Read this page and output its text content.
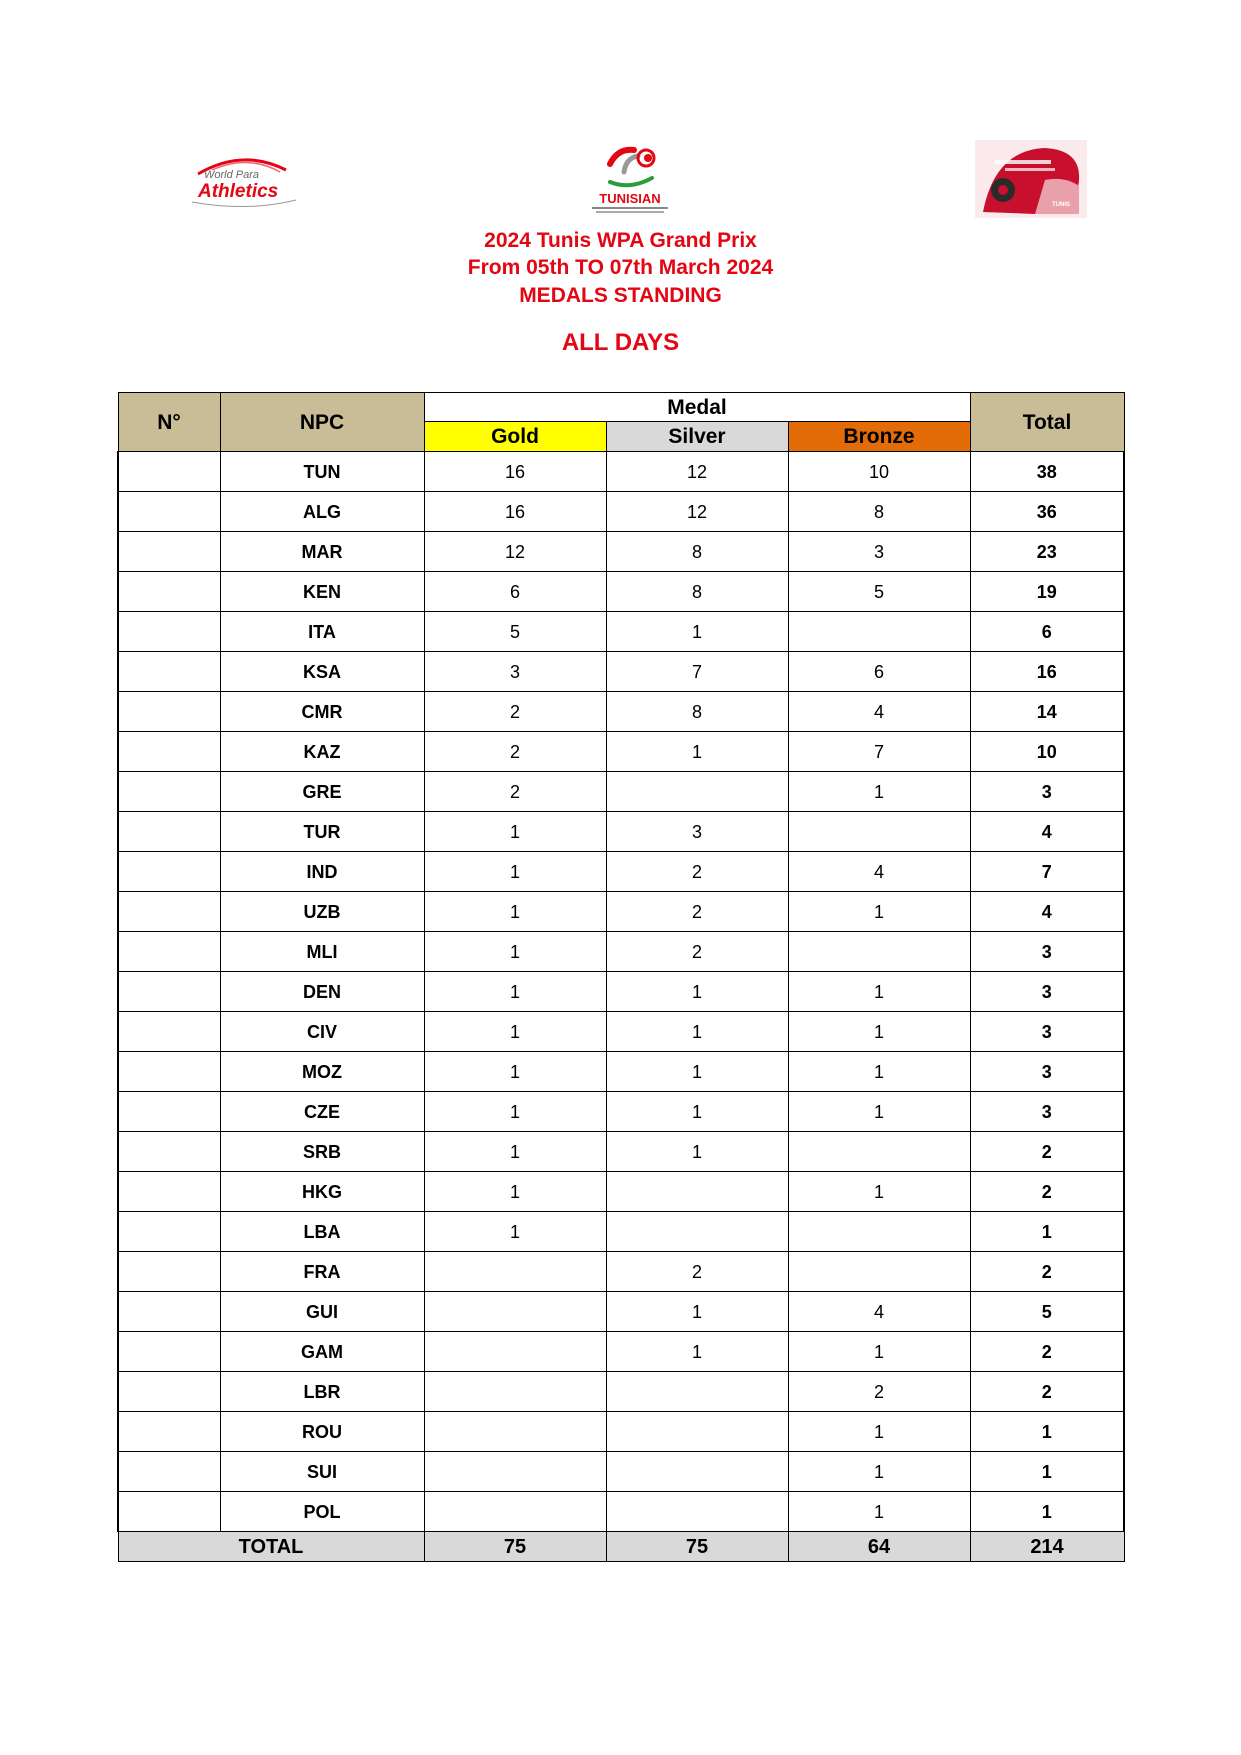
World Para
Athletics	TUNISIAN	TUNIS
2024 Tunis WPA Grand Prix
From 05th TO 07th March 2024
MEDALS STANDING
ALL DAYS
N°	NPC	Medal			Total
		Gold	Silver	Bronze	
	TUN	16	12	10	38
	ALG	16	12	8	36
	MAR	12	8	3	23
	KEN	6	8	5	19
	ITA	5	1		6
	KSA	3	7	6	16
	CMR	2	8	4	14
	KAZ	2	1	7	10
	GRE	2		1	3
	TUR	1	3		4
	IND	1	2	4	7
	UZB	1	2	1	4
	MLI	1	2		3
	DEN	1	1	1	3
	CIV	1	1	1	3
	MOZ	1	1	1	3
	CZE	1	1	1	3
	SRB	1	1		2
	HKG	1		1	2
	LBA	1			1
	FRA		2		2
	GUI		1	4	5
	GAM		1	1	2
	LBR			2	2
	ROU			1	1
	SUI			1	1
	POL			1	1
TOTAL		75	75	64	214
